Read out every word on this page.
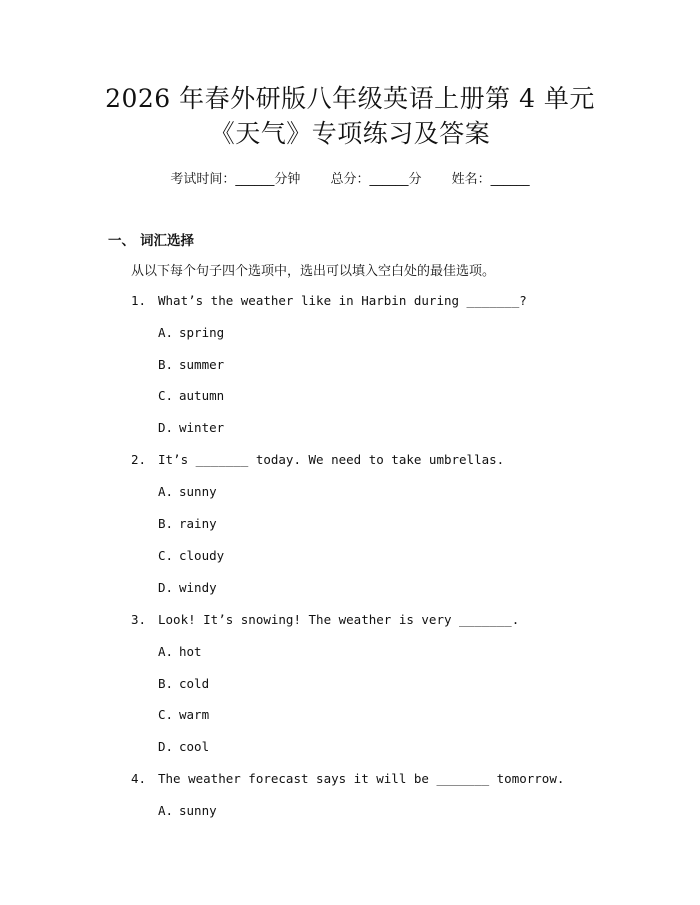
2026 年春外研版八年级英语上册第 4 单元
《天气》专项练习及答案
考试时间：______分钟 总分：______分 姓名：______
一、 词汇选择
从以下每个句子四个选项中，选出可以填入空白处的最佳选项。
1. What’s the weather like in Harbin during _______?
A. spring
B. summer
C. autumn
D. winter
2. It’s _______ today. We need to take umbrellas.
A. sunny
B. rainy
C. cloudy
D. windy
3. Look! It’s snowing! The weather is very _______.
A. hot
B. cold
C. warm
D. cool
4. The weather forecast says it will be _______ tomorrow.
A. sunny
